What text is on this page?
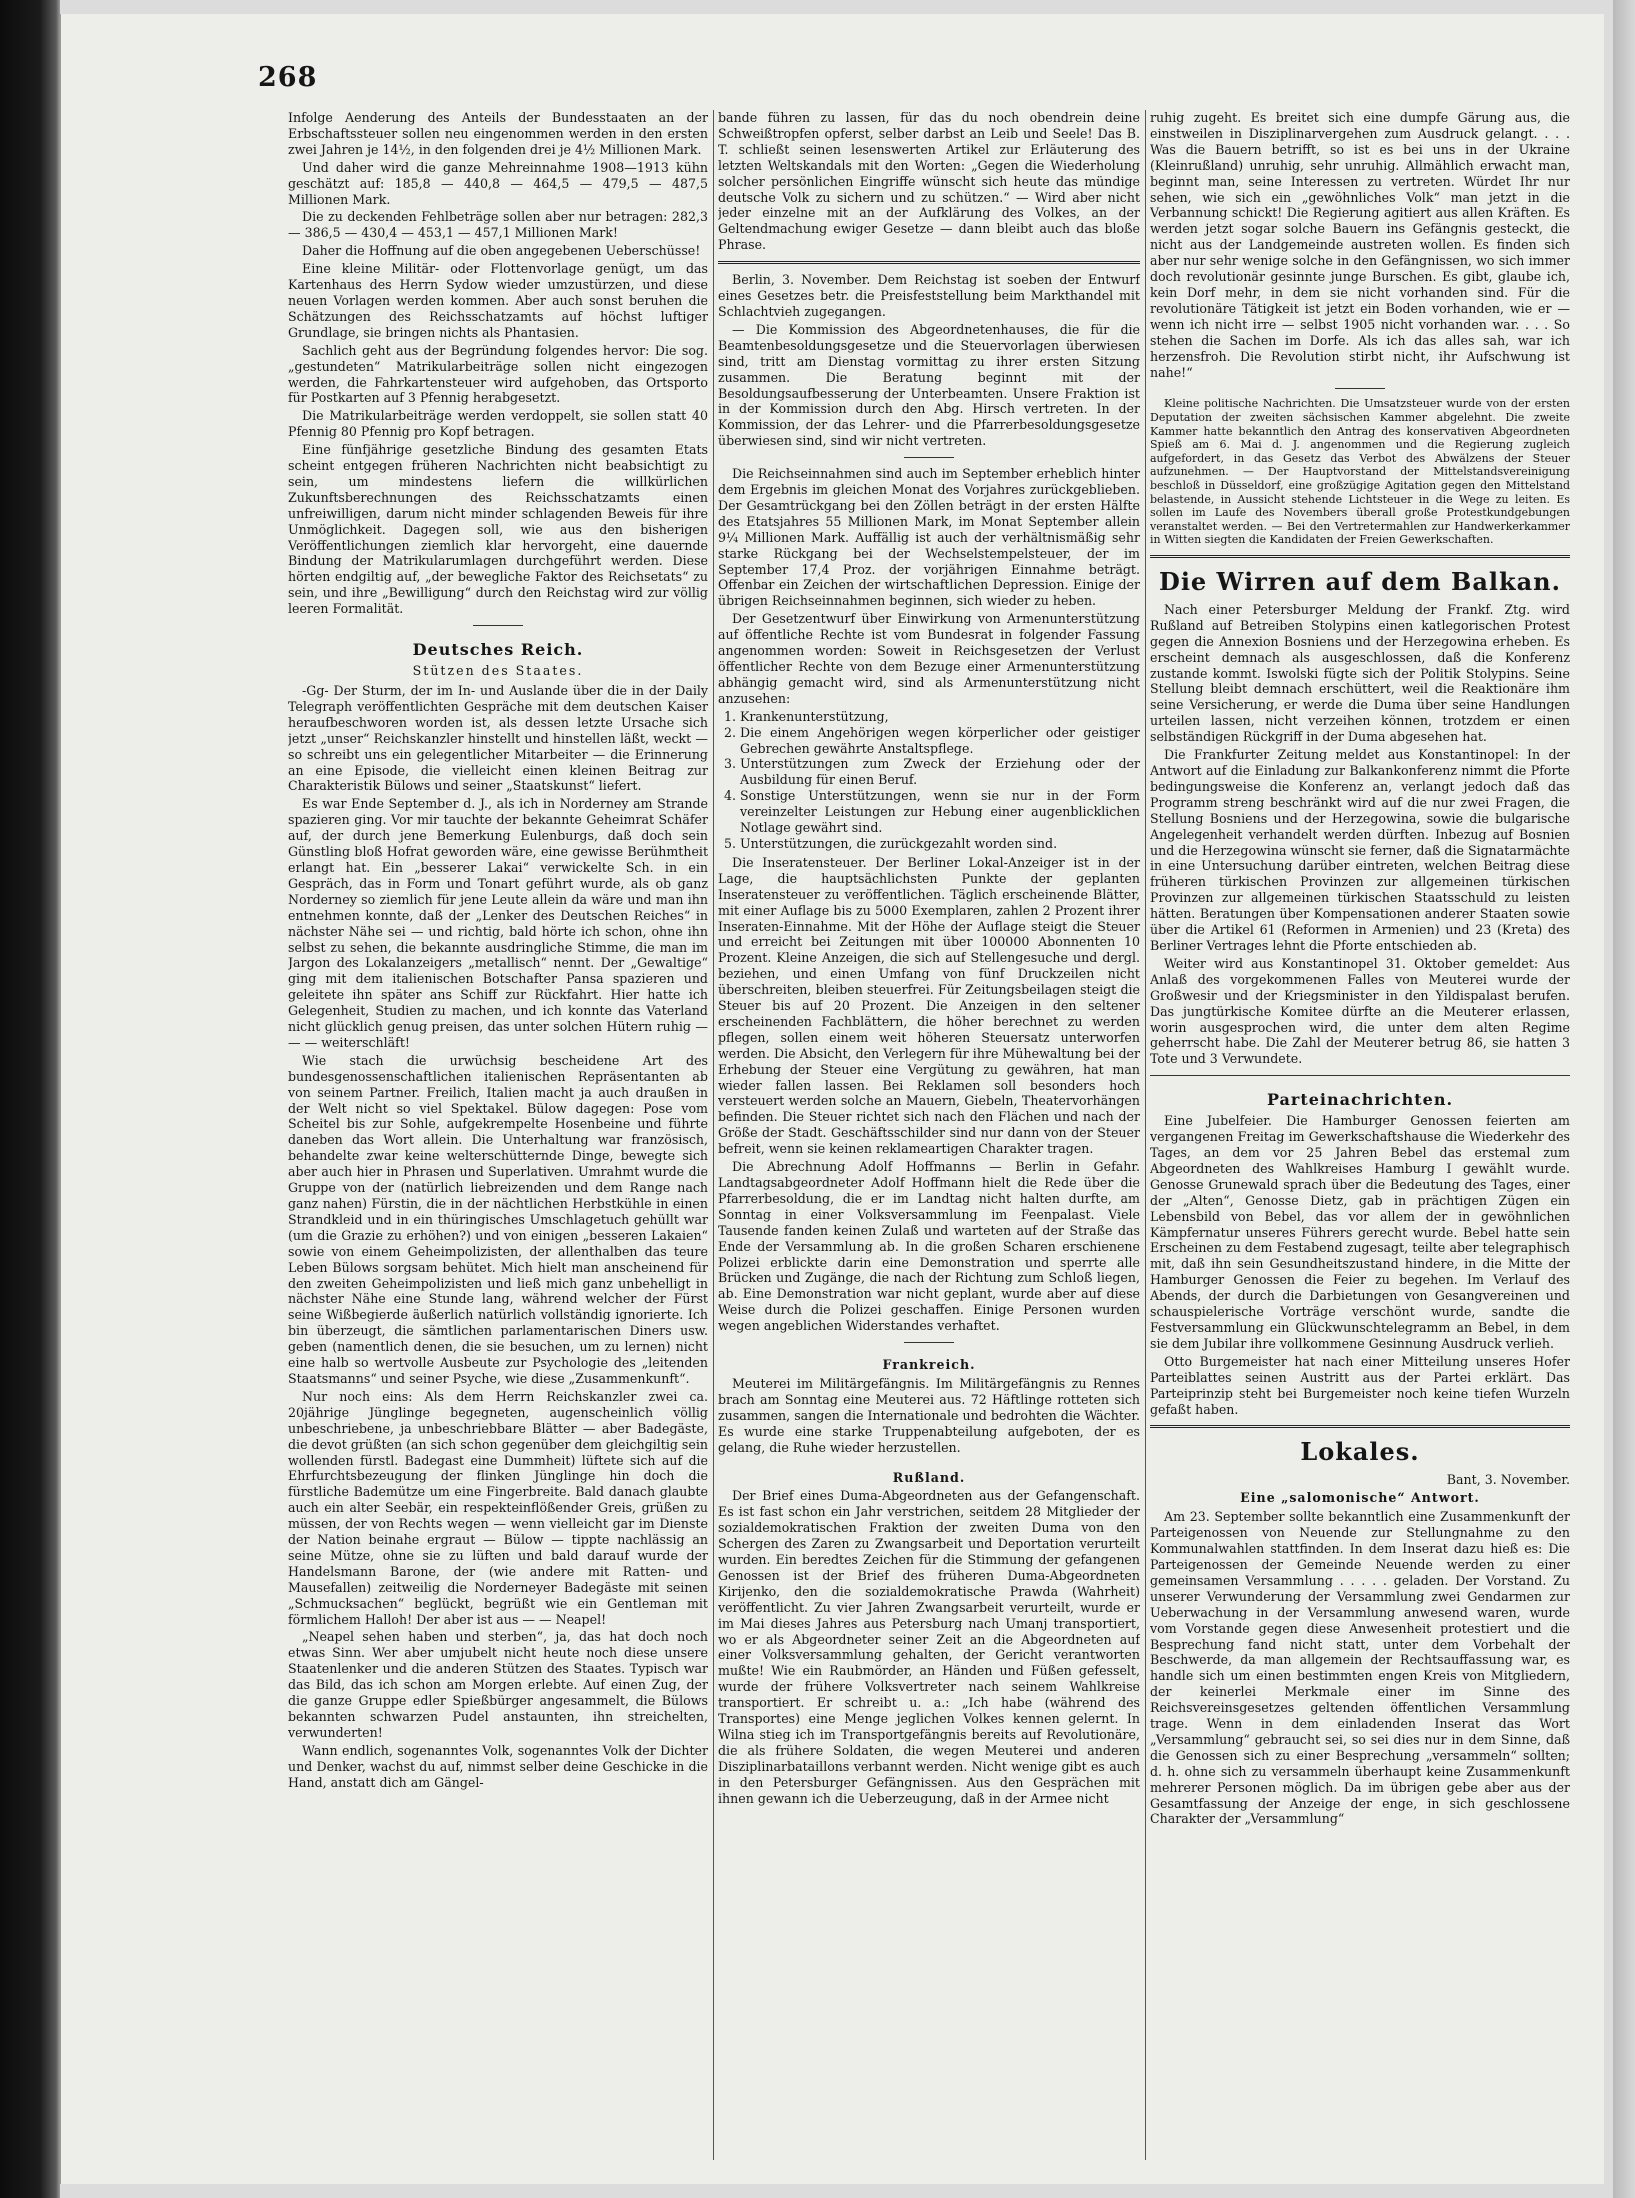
268

Infolge Aenderung des Anteils der Bundesstaaten an der Erbschaftssteuer sollen neu eingenommen werden in den ersten zwei Jahren je 14½, in den folgenden drei je 4½ Millionen Mark.

Und daher wird die ganze Mehreinnahme 1908—1913 kühn geschätzt auf: 185,8 — 440,8 — 464,5 — 479,5 — 487,5 Millionen Mark.

Die zu deckenden Fehlbeträge sollen aber nur betragen: 282,3 — 386,5 — 430,4 — 453,1 — 457,1 Millionen Mark!

Daher die Hoffnung auf die oben angegebenen Ueberschüsse!

Eine kleine Militär- oder Flottenvorlage genügt, um das Kartenhaus des Herrn Sydow wieder umzustürzen, und diese neuen Vorlagen werden kommen. Aber auch sonst beruhen die Schätzungen des Reichsschatzamts auf höchst luftiger Grundlage, sie bringen nichts als Phantasien.

Sachlich geht aus der Begründung folgendes hervor: Die sog. „gestundeten“ Matrikularbeiträge sollen nicht eingezogen werden, die Fahrkartensteuer wird aufgehoben, das Ortsporto für Postkarten auf 3 Pfennig herabgesetzt.

Die Matrikularbeiträge werden verdoppelt, sie sollen statt 40 Pfennig 80 Pfennig pro Kopf betragen.

Eine fünfjährige gesetzliche Bindung des gesamten Etats scheint entgegen früheren Nachrichten nicht beabsichtigt zu sein, um mindestens liefern die willkürlichen Zukunftsberechnungen des Reichsschatzamts einen unfreiwilligen, darum nicht minder schlagenden Beweis für ihre Unmöglichkeit. Dagegen soll, wie aus den bisherigen Veröffentlichungen ziemlich klar hervorgeht, eine dauernde Bindung der Matrikularumlagen durchgeführt werden. Diese hörten endgiltig auf, „der bewegliche Faktor des Reichsetats“ zu sein, und ihre „Bewilligung“ durch den Reichstag wird zur völlig leeren Formalität.

Deutsches Reich.
Stützen des Staates.

-Gg- Der Sturm, der im In- und Auslande über die in der Daily Telegraph veröffentlichten Gespräche mit dem deutschen Kaiser heraufbeschworen worden ist, als dessen letzte Ursache sich jetzt „unser“ Reichskanzler hinstellt und hinstellen läßt, weckt — so schreibt uns ein gelegentlicher Mitarbeiter — die Erinnerung an eine Episode, die vielleicht einen kleinen Beitrag zur Charakteristik Bülows und seiner „Staatskunst“ liefert.

Es war Ende September d. J., als ich in Norderney am Strande spazieren ging. Vor mir tauchte der bekannte Geheimrat Schäfer auf, der durch jene Bemerkung Eulenburgs, daß doch sein Günstling bloß Hofrat geworden wäre, eine gewisse Berühmtheit erlangt hat. Ein „besserer Lakai“ verwickelte Sch. in ein Gespräch, das in Form und Tonart geführt wurde, als ob ganz Norderney so ziemlich für jene Leute allein da wäre und man ihn entnehmen konnte, daß der „Lenker des Deutschen Reiches“ in nächster Nähe sei — und richtig, bald hörte ich schon, ohne ihn selbst zu sehen, die bekannte ausdringliche Stimme, die man im Jargon des Lokalanzeigers „metallisch“ nennt. Der „Gewaltige“ ging mit dem italienischen Botschafter Pansa spazieren und geleitete ihn später ans Schiff zur Rückfahrt. Hier hatte ich Gelegenheit, Studien zu machen, und ich konnte das Vaterland nicht glücklich genug preisen, das unter solchen Hütern ruhig — — — weiterschläft!

Wie stach die urwüchsig bescheidene Art des bundesgenossenschaftlichen italienischen Repräsentanten ab von seinem Partner. Freilich, Italien macht ja auch draußen in der Welt nicht so viel Spektakel. Bülow dagegen: Pose vom Scheitel bis zur Sohle, aufgekrempelte Hosenbeine und führte daneben das Wort allein. Die Unterhaltung war französisch, behandelte zwar keine welterschütternde Dinge, bewegte sich aber auch hier in Phrasen und Superlativen. Umrahmt wurde die Gruppe von der (natürlich liebreizenden und dem Range nach ganz nahen) Fürstin, die in der nächtlichen Herbstkühle in einen Strandkleid und in ein thüringisches Umschlagetuch gehüllt war (um die Grazie zu erhöhen?) und von einigen „besseren Lakaien“ sowie von einem Geheimpolizisten, der allenthalben das teure Leben Bülows sorgsam behütet. Mich hielt man anscheinend für den zweiten Geheimpolizisten und ließ mich ganz unbehelligt in nächster Nähe eine Stunde lang, während welcher der Fürst seine Wißbegierde äußerlich natürlich vollständig ignorierte. Ich bin überzeugt, die sämtlichen parlamentarischen Diners usw. geben (namentlich denen, die sie besuchen, um zu lernen) nicht eine halb so wertvolle Ausbeute zur Psychologie des „leitenden Staatsmanns“ und seiner Psyche, wie diese „Zusammenkunft“.

Nur noch eins: Als dem Herrn Reichskanzler zwei ca. 20jährige Jünglinge begegneten, augenscheinlich völlig unbeschriebene, ja unbeschriebbare Blätter — aber Badegäste, die devot grüßten (an sich schon gegenüber dem gleichgiltig sein wollenden fürstl. Badegast eine Dummheit) lüftete sich auf die Ehrfurchtsbezeugung der flinken Jünglinge hin doch die fürstliche Bademütze um eine Fingerbreite. Bald danach glaubte auch ein alter Seebär, ein respekteinflößender Greis, grüßen zu müssen, der von Rechts wegen — wenn vielleicht gar im Dienste der Nation beinahe ergraut — Bülow — tippte nachlässig an seine Mütze, ohne sie zu lüften und bald darauf wurde der Handelsmann Barone, der (wie andere mit Ratten- und Mausefallen) zeitweilig die Norderneyer Badegäste mit seinen „Schmucksachen“ beglückt, begrüßt wie ein Gentleman mit förmlichem Halloh! Der aber ist aus — — Neapel!

„Neapel sehen haben und sterben“, ja, das hat doch noch etwas Sinn. Wer aber umjubelt nicht heute noch diese unsere Staatenlenker und die anderen Stützen des Staates. Typisch war das Bild, das ich schon am Morgen erlebte. Auf einen Zug, der die ganze Gruppe edler Spießbürger angesammelt, die Bülows bekannten schwarzen Pudel anstaunten, ihn streichelten, verwunderten!

Wann endlich, sogenanntes Volk, sogenanntes Volk der Dichter und Denker, wachst du auf, nimmst selber deine Geschicke in die Hand, anstatt dich am Gängel-

bande führen zu lassen, für das du noch obendrein deine Schweißtropfen opferst, selber darbst an Leib und Seele! Das B. T. schließt seinen lesenswerten Artikel zur Erläuterung des letzten Weltskandals mit den Worten: „Gegen die Wiederholung solcher persönlichen Eingriffe wünscht sich heute das mündige deutsche Volk zu sichern und zu schützen.“ — Wird aber nicht jeder einzelne mit an der Aufklärung des Volkes, an der Geltendmachung ewiger Gesetze — dann bleibt auch das bloße Phrase.

Berlin, 3. November. Dem Reichstag ist soeben der Entwurf eines Gesetzes betr. die Preisfeststellung beim Markthandel mit Schlachtvieh zugegangen.

— Die Kommission des Abgeordnetenhauses, die für die Beamtenbesoldungsgesetze und die Steuervorlagen überwiesen sind, tritt am Dienstag vormittag zu ihrer ersten Sitzung zusammen. Die Beratung beginnt mit der Besoldungsaufbesserung der Unterbeamten. Unsere Fraktion ist in der Kommission durch den Abg. Hirsch vertreten. In der Kommission, der das Lehrer- und die Pfarrerbesoldungsgesetze überwiesen sind, sind wir nicht vertreten.

Die Reichseinnahmen sind auch im September erheblich hinter dem Ergebnis im gleichen Monat des Vorjahres zurückgeblieben. Der Gesamtrückgang bei den Zöllen beträgt in der ersten Hälfte des Etatsjahres 55 Millionen Mark, im Monat September allein 9¼ Millionen Mark. Auffällig ist auch der verhältnismäßig sehr starke Rückgang bei der Wechselstempelsteuer, der im September 17,4 Proz. der vorjährigen Einnahme beträgt. Offenbar ein Zeichen der wirtschaftlichen Depression. Einige der übrigen Reichseinnahmen beginnen, sich wieder zu heben.

Der Gesetzentwurf über Einwirkung von Armenunterstützung auf öffentliche Rechte ist vom Bundesrat in folgender Fassung angenommen worden: Soweit in Reichsgesetzen der Verlust öffentlicher Rechte von dem Bezuge einer Armenunterstützung abhängig gemacht wird, sind als Armenunterstützung nicht anzusehen:

1. Krankenunterstützung,
2. Die einem Angehörigen wegen körperlicher oder geistiger Gebrechen gewährte Anstaltspflege.
3. Unterstützungen zum Zweck der Erziehung oder der Ausbildung für einen Beruf.
4. Sonstige Unterstützungen, wenn sie nur in der Form vereinzelter Leistungen zur Hebung einer augenblicklichen Notlage gewährt sind.
5. Unterstützungen, die zurückgezahlt worden sind.

Die Inseratensteuer. Der Berliner Lokal-Anzeiger ist in der Lage, die hauptsächlichsten Punkte der geplanten Inseratensteuer zu veröffentlichen. Täglich erscheinende Blätter, mit einer Auflage bis zu 5000 Exemplaren, zahlen 2 Prozent ihrer Inseraten-Einnahme. Mit der Höhe der Auflage steigt die Steuer und erreicht bei Zeitungen mit über 100000 Abonnenten 10 Prozent. Kleine Anzeigen, die sich auf Stellengesuche und dergl. beziehen, und einen Umfang von fünf Druckzeilen nicht überschreiten, bleiben steuerfrei. Für Zeitungsbeilagen steigt die Steuer bis auf 20 Prozent. Die Anzeigen in den seltener erscheinenden Fachblättern, die höher berechnet zu werden pflegen, sollen einem weit höheren Steuersatz unterworfen werden. Die Absicht, den Verlegern für ihre Mühewaltung bei der Erhebung der Steuer eine Vergütung zu gewähren, hat man wieder fallen lassen. Bei Reklamen soll besonders hoch versteuert werden solche an Mauern, Giebeln, Theatervorhängen befinden. Die Steuer richtet sich nach den Flächen und nach der Größe der Stadt. Geschäftsschilder sind nur dann von der Steuer befreit, wenn sie keinen reklameartigen Charakter tragen.

Die Abrechnung Adolf Hoffmanns — Berlin in Gefahr. Landtagsabgeordneter Adolf Hoffmann hielt die Rede über die Pfarrerbesoldung, die er im Landtag nicht halten durfte, am Sonntag in einer Volksversammlung im Feenpalast. Viele Tausende fanden keinen Zulaß und warteten auf der Straße das Ende der Versammlung ab. In die großen Scharen erschienene Polizei erblickte darin eine Demonstration und sperrte alle Brücken und Zugänge, die nach der Richtung zum Schloß liegen, ab. Eine Demonstration war nicht geplant, wurde aber auf diese Weise durch die Polizei geschaffen. Einige Personen wurden wegen angeblichen Widerstandes verhaftet.

Frankreich.

Meuterei im Militärgefängnis. Im Militärgefängnis zu Rennes brach am Sonntag eine Meuterei aus. 72 Häftlinge rotteten sich zusammen, sangen die Internationale und bedrohten die Wächter. Es wurde eine starke Truppenabteilung aufgeboten, der es gelang, die Ruhe wieder herzustellen.

Rußland.

Der Brief eines Duma-Abgeordneten aus der Gefangenschaft. Es ist fast schon ein Jahr verstrichen, seitdem 28 Mitglieder der sozialdemokratischen Fraktion der zweiten Duma von den Schergen des Zaren zu Zwangsarbeit und Deportation verurteilt wurden. Ein beredtes Zeichen für die Stimmung der gefangenen Genossen ist der Brief des früheren Duma-Abgeordneten Kirijenko, den die sozialdemokratische Prawda (Wahrheit) veröffentlicht. Zu vier Jahren Zwangsarbeit verurteilt, wurde er im Mai dieses Jahres aus Petersburg nach Umanj transportiert, wo er als Abgeordneter seiner Zeit an die Abgeordneten auf einer Volksversammlung gehalten, der Gericht verantworten mußte! Wie ein Raubmörder, an Händen und Füßen gefesselt, wurde der frühere Volksvertreter nach seinem Wahlkreise transportiert. Er schreibt u. a.: „Ich habe (während des Transportes) eine Menge jeglichen Volkes kennen gelernt. In Wilna stieg ich im Transportgefängnis bereits auf Revolutionäre, die als frühere Soldaten, die wegen Meuterei und anderen Disziplinarbataillons verbannt werden. Nicht wenige gibt es auch in den Petersburger Gefängnissen. Aus den Gesprächen mit ihnen gewann ich die Ueberzeugung, daß in der Armee nicht

ruhig zugeht. Es breitet sich eine dumpfe Gärung aus, die einstweilen in Disziplinarvergehen zum Ausdruck gelangt. . . . Was die Bauern betrifft, so ist es bei uns in der Ukraine (Kleinrußland) unruhig, sehr unruhig. Allmählich erwacht man, beginnt man, seine Interessen zu vertreten. Würdet Ihr nur sehen, wie sich ein „gewöhnliches Volk“ man jetzt in die Verbannung schickt! Die Regierung agitiert aus allen Kräften. Es werden jetzt sogar solche Bauern ins Gefängnis gesteckt, die nicht aus der Landgemeinde austreten wollen. Es finden sich aber nur sehr wenige solche in den Gefängnissen, wo sich immer doch revolutionär gesinnte junge Burschen. Es gibt, glaube ich, kein Dorf mehr, in dem sie nicht vorhanden sind. Für die revolutionäre Tätigkeit ist jetzt ein Boden vorhanden, wie er — wenn ich nicht irre — selbst 1905 nicht vorhanden war. . . . So stehen die Sachen im Dorfe. Als ich das alles sah, war ich herzensfroh. Die Revolution stirbt nicht, ihr Aufschwung ist nahe!“

Kleine politische Nachrichten. Die Umsatzsteuer wurde von der ersten Deputation der zweiten sächsischen Kammer abgelehnt. Die zweite Kammer hatte bekanntlich den Antrag des konservativen Abgeordneten Spieß am 6. Mai d. J. angenommen und die Regierung zugleich aufgefordert, in das Gesetz das Verbot des Abwälzens der Steuer aufzunehmen. — Der Hauptvorstand der Mittelstandsvereinigung beschloß in Düsseldorf, eine großzügige Agitation gegen den Mittelstand belastende, in Aussicht stehende Lichtsteuer in die Wege zu leiten. Es sollen im Laufe des Novembers überall große Protestkundgebungen veranstaltet werden. — Bei den Vertretermahlen zur Handwerkerkammer in Witten siegten die Kandidaten der Freien Gewerkschaften.

Die Wirren auf dem Balkan.

Nach einer Petersburger Meldung der Frankf. Ztg. wird Rußland auf Betreiben Stolypins einen katlegorischen Protest gegen die Annexion Bosniens und der Herzegowina erheben. Es erscheint demnach als ausgeschlossen, daß die Konferenz zustande kommt. Iswolski fügte sich der Politik Stolypins. Seine Stellung bleibt demnach erschüttert, weil die Reaktionäre ihm seine Versicherung, er werde die Duma über seine Handlungen urteilen lassen, nicht verzeihen können, trotzdem er einen selbständigen Rückgriff in der Duma abgesehen hat.

Die Frankfurter Zeitung meldet aus Konstantinopel: In der Antwort auf die Einladung zur Balkankonferenz nimmt die Pforte bedingungsweise die Konferenz an, verlangt jedoch daß das Programm streng beschränkt wird auf die nur zwei Fragen, die Stellung Bosniens und der Herzegowina, sowie die bulgarische Angelegenheit verhandelt werden dürften. Inbezug auf Bosnien und die Herzegowina wünscht sie ferner, daß die Signatarmächte in eine Untersuchung darüber eintreten, welchen Beitrag diese früheren türkischen Provinzen zur allgemeinen türkischen Provinzen zur allgemeinen türkischen Staatsschuld zu leisten hätten. Beratungen über Kompensationen anderer Staaten sowie über die Artikel 61 (Reformen in Armenien) und 23 (Kreta) des Berliner Vertrages lehnt die Pforte entschieden ab.

Weiter wird aus Konstantinopel 31. Oktober gemeldet: Aus Anlaß des vorgekommenen Falles von Meuterei wurde der Großwesir und der Kriegsminister in den Yildispalast berufen. Das jungtürkische Komitee dürfte an die Meuterer erlassen, worin ausgesprochen wird, die unter dem alten Regime geherrscht habe. Die Zahl der Meuterer betrug 86, sie hatten 3 Tote und 3 Verwundete.

Parteinachrichten.

Eine Jubelfeier. Die Hamburger Genossen feierten am vergangenen Freitag im Gewerkschaftshause die Wiederkehr des Tages, an dem vor 25 Jahren Bebel das erstemal zum Abgeordneten des Wahlkreises Hamburg I gewählt wurde. Genosse Grunewald sprach über die Bedeutung des Tages, einer der „Alten“, Genosse Dietz, gab in prächtigen Zügen ein Lebensbild von Bebel, das vor allem der in gewöhnlichen Kämpfernatur unseres Führers gerecht wurde. Bebel hatte sein Erscheinen zu dem Festabend zugesagt, teilte aber telegraphisch mit, daß ihn sein Gesundheitszustand hindere, in die Mitte der Hamburger Genossen die Feier zu begehen. Im Verlauf des Abends, der durch die Darbietungen von Gesangvereinen und schauspielerische Vorträge verschönt wurde, sandte die Festversammlung ein Glückwunschtelegramm an Bebel, in dem sie dem Jubilar ihre vollkommene Gesinnung Ausdruck verlieh.

Otto Burgemeister hat nach einer Mitteilung unseres Hofer Parteiblattes seinen Austritt aus der Partei erklärt. Das Parteiprinzip steht bei Burgemeister noch keine tiefen Wurzeln gefaßt haben.

Lokales.
Bant, 3. November.
Eine „salomonische“ Antwort.

Am 23. September sollte bekanntlich eine Zusammenkunft der Parteigenossen von Neuende zur Stellungnahme zu den Kommunalwahlen stattfinden. In dem Inserat dazu hieß es: Die Parteigenossen der Gemeinde Neuende werden zu einer gemeinsamen Versammlung . . . . . geladen. Der Vorstand. Zu unserer Verwunderung der Versammlung zwei Gendarmen zur Ueberwachung in der Versammlung anwesend waren, wurde vom Vorstande gegen diese Anwesenheit protestiert und die Besprechung fand nicht statt, unter dem Vorbehalt der Beschwerde, da man allgemein der Rechtsauffassung war, es handle sich um einen bestimmten engen Kreis von Mitgliedern, der keinerlei Merkmale einer im Sinne des Reichsvereinsgesetzes geltenden öffentlichen Versammlung trage. Wenn in dem einladenden Inserat das Wort „Versammlung“ gebraucht sei, so sei dies nur in dem Sinne, daß die Genossen sich zu einer Besprechung „versammeln“ sollten; d. h. ohne sich zu versammeln überhaupt keine Zusammenkunft mehrerer Personen möglich. Da im übrigen gebe aber aus der Gesamtfassung der Anzeige der enge, in sich geschlossene Charakter der „Versammlung“
